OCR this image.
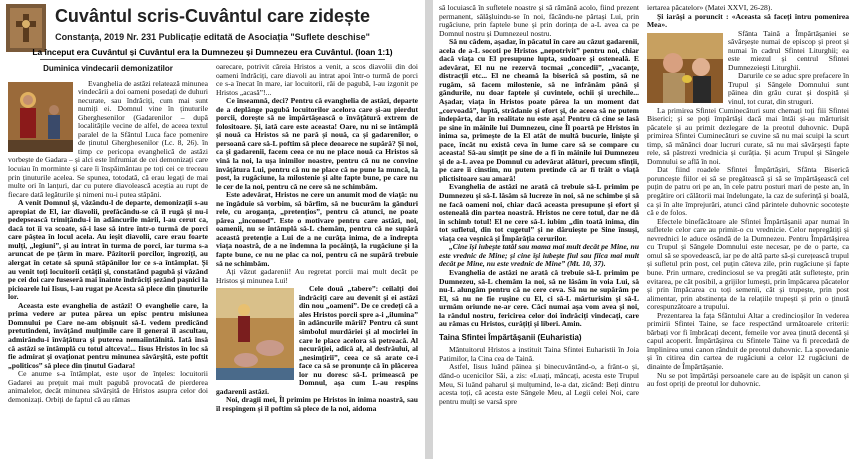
Cuvântul scris-Cuvântul care zidește
Constanța, 2019 Nr. 231 Publicație editată de Asociația "Suflete deschise"
La început era Cuvântul și Cuvântul era la Dumnezeu și Dumnezeu era Cuvântul. (Ioan 1:1)

Duminica vindecarii demonizatilor

Evanghelia de astăzi relatează minunea vindecării a doi oameni posedați de duhuri necurate, sau îndrăciți, cum mai sunt numiți ei. Domnul vine în ținuturile Gherghesenilor (Gadarenilor – după localitățile vecine de alfel, de aceea textul paralel de la Sfântul Luca face pomenire de ținutul Gherghesenilor (Lc. 8, 26). în timp ce pericopa evanghelică de astăzi vorbește de Gadara – și alci este înfrumiat de cei demonizați care locuiau în morminte și care îi înspăimântau pe toți cei ce treceau prin ținuturile acelea. Se spunea, totodată, că erau legați de mai multe ori în lanțuri, dar cu putere diavolească aceștia au rupt de fiecare dată legăturile și nimeni nu-i putea stăpâni.

A venit Domnul și, văzându-l de departe, demonizații s-au apropiat de El, iar diavolii, prefăcându-se că îl rugă și nu-i pedepsească trimițându-i în adâncurile mării, l-au cerut ca, dacă tot îi va scoate, să-i lase să intre într-o turmă de porci care păștea în locul acela. Au ieșit diavolii, care erau foarte mulți, „legiuni”, și au intrat în turma de porci, iar turma s-a aruncat de pe țărm în mare. Păzitorii porcilor, îngroziți, au alergat în cetate să spună stăpânilor lor ce s-a întâmplat. Și au venit toți locuitorii cetății și, constatând pagubă și văzând pe cei doi care fuseseră mai înainte îndrăciți șezând pașnici la picioarele lui Iisus, l-au rugat pe Acesta să plece din ținuturile lor.

Aceasta este evanghelia de astăzi! O evanghelie care, la prima vedere ar putea părea un episc pentru misiunea Domnului pe Care ne-am obișnuit să-L vedem predicând pretutindeni, învățând mulțimile care îl generai îl ascultau, admirându-i învățătura și puterea nemaiîntâlnită. Iată însă că astăzi se întâmplă cu totul altceva!... Iisus Hristos în loc să fie admirat și ovaționat pentru minunea săvârșită, este poftit „politicos” să plece din ținutul Gadara!

Ce anume s-a întâmplat, este ușor de înțeles: locuitorii Gadarei au prețuit mai mult pagubă provocată de pierderea animalelor, decât minunea săvârșită de Hristos asupra celor doi demonizați. Orbiți de faptul că au rămas

oarecare, potrivit căreia Hristos a venit, a scos diavolii din doi oameni îndrăciți, care diavoli au intrat apoi într-o turmă de porci ce s-a înecat în mare, iar locuitorii, răi de pagubă, l-au izgonit pe Hristos „acasă”!...

Ce înseamnă, deci? Pentru că evanghelia de astăzi, departe de a deplânge pagubă locuitorilor acelora care și-au pierdut porcii, dorește să ne împărtășească o învățătură extrem de folositoare. Și, iată care este aceasta! Oare, nu ni se întâmplă și nouă ca Hristos să ne pară și nouă, ca și gadarenilor, o persoană care să-L poftim să plece deoarece ne supără? Și noi, ca și gadarenii, facem ceea ce nu ne place nouă ca Hristos să vină la noi, la ușa inimilor noastre, pentru că nu ne convine învățătura Lui, pentru că nu ne place că ne pune la muncă, la post, la rugăciune, la milostenie și alte fapte bune, pe care nu le cer de la noi, pentru că ne cere să ne schimbăm.

Este adevărat, Hristos ne cere un anumit mod de viață: nu ne îngăduie să vorbim, să bârfim, să ne bucurăm la gânduri rele, cu aroganța, „pretențios”, pentru că atunci, ne poate părea „incomod”. Este o motivare pentru care astăzi, noi, oamenii, nu se întâmplă să-L chemăm, pentru că ne supără această pretenție a Lui de a ne curăța inima, de a îndrepta viața noastră, de a ne îndemna la pocăință, la rugăciune și la fapte bune, ce nu ne plac ca noi, pentru că ne supără trebuie să ne schimbăm.

Ați văzut gadarenii! Au regretat porcii mai mult decât pe Hristos și minunea Lui!

Cele două „tabere”: ceilalți doi îndrăciți care au devenit și ei astăzi din nou „oameni”. De ce credeți că a ales Hristos porcii spre a-i „ilumina” în adâncurile mării? Pentru că sunt simbolul murdăriei și al mocirlei în care le place acelora să petreacă. Al necurăției, adică al, al desfrâului, al „nesimțirii”, ceea ce să arate ce-i face ca să se pronunțe că în plăcerea lor nu doresc să-L primească pe Domnul, așa cum L-au respins gadarenii astăzi.

Noi, dragii mei, Îl primim pe Hristos în inima noastră, sau îl respingem și îl poftim să plece de la noi, aidoma

să locuiască în sufletele noastre și să rămână acolo, fiind prezent permanent, sălășluindu-se în noi, făcându-ne părtași Lui, prin rugăciune, prin faptele bune și prin dorința de a-L avea ca pe Domnul nostru și Dumnezeul nostru.

Să nu cădem, așadar, în păcatul în care au căzut gadarenii, acela de a-L socoti pe Hristos „nepotrivit” pentru noi, chiar dacă viața cu El presupune lupta, sudoare și osteneală. E adevărat, El nu ne rezervă tocmai „concedii”, „vacanțe, distracții etc... El ne cheamă la biserică să postim, să ne rugăm, să facem milostenie, să ne înfrânăm până și gândurile, nu doar faptele și cuvintele, ochii și urechile... Așadar, viața în Hristos poate părea la un moment dat „corvoadă”, luptă, strădanie și efort și, de aceea să ne putem îndepărta, dar în realitate nu este așa! Pentru că cine se lasă pe sine în mâinile lui Dumnezeu, cine Îl poartă pe Hristos în inima sa, primește de la El atât de multă bucurie, liniște și pace, încât nu există ceva în lume care să se compare cu aceasta! Să-au simțit pe sine de a fi în mâinile lui Dumnezeu și de a-L avea pe Domnul cu adevărat alături, precum sfinții, pe care îi cinstim, nu putem pretinde că ar fi trăit o viață plictisitoare sau amară!

Evanghelia de astăzi ne arată că trebuie să-L primim pe Dumnezeu și să-L lăsăm să lucreze în noi, să ne schimbe și să ne facă oameni noi, chiar dacă aceasta presupune și efort și osteneală din partea noastră. Hristos ne cere totul, dar ne dă în schimb totul! El ne cere să-L iubim „din toată inima, din tot sufletul, din tot cugetul” și ne dăruiește pe Sine însuși, viața cea veșnică și Împărăția cerurilor.

„Cine își iubește tatăl sau mama mai mult decât pe Mine, nu este vrednic de Mine; și cine își iubește fiul sau fiica mai mult decât pe Mine, nu este vrednic de Mine” (Mt. 10, 37).

Evanghelia de astăzi ne arată că trebuie să-L primim pe Dumnezeu, să-L chemăm la noi, să ne lăsăm în voia Lui, să nu-L alungăm pentru că ne cere ceva. Să nu ne supărăm pe El, să nu ne fie rușine cu El, ci să-L mărturisim și să-L urmăm oriunde ne-ar cere. Căci numai așa vom avea și noi, la rândul nostru, fericirea celor doi îndrăciți vindecați, care au rămas cu Hristos, curățiți și liberi. Amin.

Taina Sfintei Împărtășanii (Euharistia)

Mântuitorul Hristos a instituit Taina Sfintei Euharistii în Joia Patimilor, la Cina cea de Taină.

Astfel, Iisus luând pâinea și binecuvântând-o, a frânt-o și, dând-o ucenicilor Săi, a zis: «Luați, mâncați, acesta este Trupul Meu, Si luând paharul și mulțumind, le-a dat, zicând: Beți dintru acesta toți, că acesta este Sângele Meu, al Legii celei Noi, care pentru mulți se varsă spre

iertarea păcatelor» (Matei XXVI, 26-28).

Și iarăși a poruncit : «Aceasta să faceți întru pomenirea Mea».

Sfânta Taină a Împărtășaniei se săvârșește numai de episcop și preot și numai în cadrul Sfintei Liturghii; ea este miezul și centrul Sfintei Dumnezeiești Liturghii.

Darurile ce se aduc spre prefacere în Trupul și Sângele Domnului sunt pâinea din grâu curat și dospită și vinul, tot curat, din struguri.

La primirea Sfintei Cuminecături sunt chemați toți fiii Sfintei Biserici; și se poți împărtăși dacă mai întâi și-au mărturisit păcatele și au primit dezlegare de la preotul duhovnic. După primirea Sfintei Cuminecături se cuvine să nu mai scuipi la scurt timp, să mănânci doar lucruri curate, să nu mai săvârșești fapte rele, să păstrezi vrednicia și curăția. Și acum Trupul și Sângele Domnului se află în noi.

Dat fiind roadele Sfintei Împărtășiri, Sfânta Biserică poruncește fiilor ei să se pregătească și să se împărtășească cel puțin de patru ori pe an, în cele patru posturi mari de peste an, în pregătire ori călătorii mai îndelungate, la caz de suferință și boală, ca și în alte împrejurări, atunci când părintele duhovnic socotește că e de folos.

Efectele binefăcătoare ale Sfintei Împărtășanii apar numai în sufletele celor care au primit-o cu vrednicie. Celor nepregătiți și nevrednici le aduce osândă de la Dumnezeu. Pentru Împărtășirea cu Trupul și Sângele Domnului este necesar, pe de o parte, ca omul să se spovedească, iar pe de altă parte să-și curețească trupul și sufletul prin post, cel puțin câteva zile, prin rugăciune și fapte bune. Prin urmare, credinciosul se va pregăti atât sufletește, prin evitarea, pe cât posibil, a grijilor lumești, prin împăcarea păcatelor și prin împăcarea cu toți semenii, cât și trupește, prin post alimentar, prin abstinența de la relațiile trupești și prin o ținută corespunzătoare a trupului.

Prezentarea la fața Sfântului Altar a credincioșilor în vederea primirii Sfintei Taine, se face respectând următoarele criterii: bărbați vor fi îmbrăcați decent, femeile vor avea ținută decentă și capul acoperit. Împărtășirea cu Sfintele Taine va fi precedată de împlinirea unui canon rânduit de preotul duhovnic. La spovedanie și în citirea din cartea de rugăciuni a celor 12 rugăciuni de dinainte de Împărtășanie.

Nu se pot împărtăși persoanele care au de ispășit un canon și au fost opriți de preotul lor duhovnic.
